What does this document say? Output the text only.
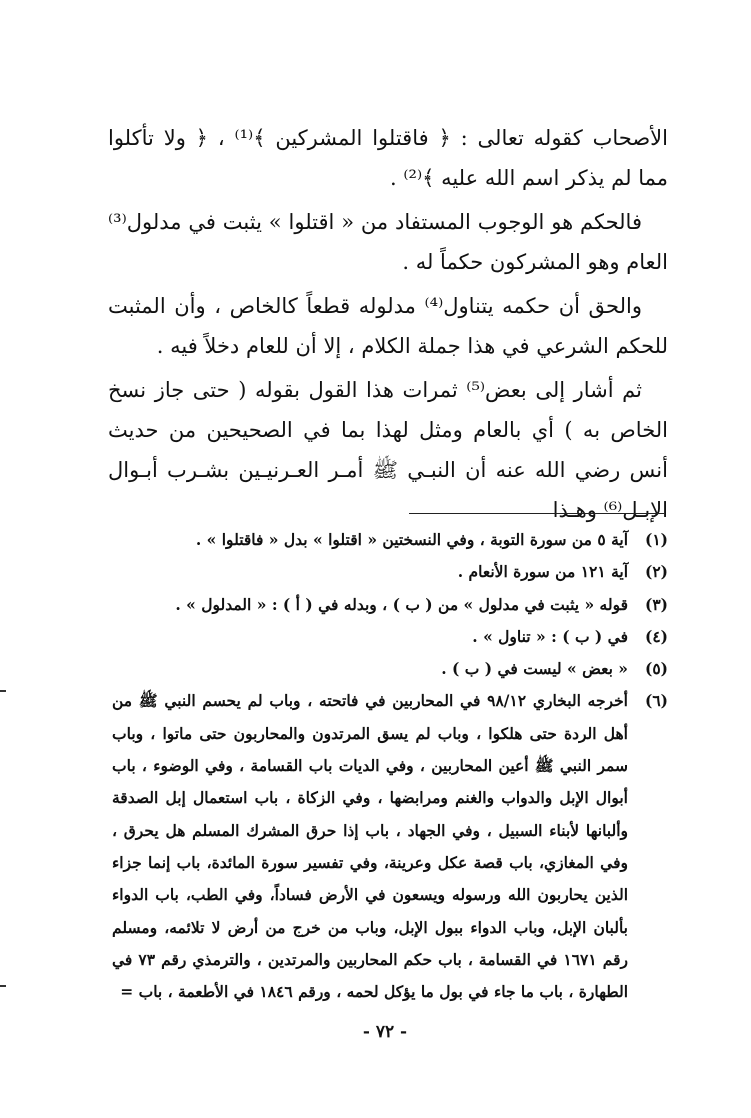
الأصحاب كقوله تعالى : ﴿ فاقتلوا المشركين ﴾⁽¹⁾ ، ﴿ ولا تأكلوا مما لم يذكر اسم الله عليه ﴾⁽²⁾ .

فالحكم هو الوجوب المستفاد من « اقتلوا » يثبت في مدلول⁽³⁾ العام وهو المشركون حكماً له .

والحق أن حكمه يتناول⁽⁴⁾ مدلوله قطعاً كالخاص ، وأن المثبت للحكم الشرعي في هذا جملة الكلام ، إلا أن للعام دخلاً فيه .

ثم أشار إلى بعض⁽⁵⁾ ثمرات هذا القول بقوله ( حتى جاز نسخ الخاص به ) أي بالعام ومثل لهذا بما في الصحيحين من حديث أنس رضي الله عنه أن النبـي ﷺ أمـر العـرنيـين بشـرب أبـوال الإبـل⁽⁶⁾ وهـذا

(١)
آية ٥ من سورة التوبة ، وفي النسختين « اقتلوا » بدل « فاقتلوا » .
(٢)
آية ١٢١ من سورة الأنعام .
(٣)
قوله « يثبت في مدلول » من ( ب ) ، وبدله في ( أ ) : « المدلول » .
(٤)
في ( ب ) : « تناول » .
(٥)
« بعض » ليست في ( ب ) .
(٦)
أخرجه البخاري ٩٨/١٢ في المحاربين في فاتحته ، وباب لم يحسم النبي ﷺ من أهل الردة حتى هلكوا ، وباب لم يسق المرتدون والمحاربون حتى ماتوا ، وباب سمر النبي ﷺ أعين المحاربين ، وفي الديات باب القسامة ، وفي الوضوء ، باب أبوال الإبل والدواب والغنم ومرابضها ، وفي الزكاة ، باب استعمال إبل الصدقة وألبانها لأبناء السبيل ، وفي الجهاد ، باب إذا حرق المشرك المسلم هل يحرق ، وفي المغازي، باب قصة عكل وعرينة، وفي تفسير سورة المائدة، باب إنما جزاء الذين يحاربون الله ورسوله ويسعون في الأرض فساداً، وفي الطب، باب الدواء بألبان الإبل، وباب الدواء ببول الإبل، وباب من خرج من أرض لا تلائمه، ومسلم رقم ١٦٧١ في القسامة ، باب حكم المحاربين والمرتدين ، والترمذي رقم ٧٣ في الطهارة ، باب ما جاء في بول ما يؤكل لحمه ، ورقم ١٨٤٦ في الأطعمة ، باب =
- ٧٢ -
